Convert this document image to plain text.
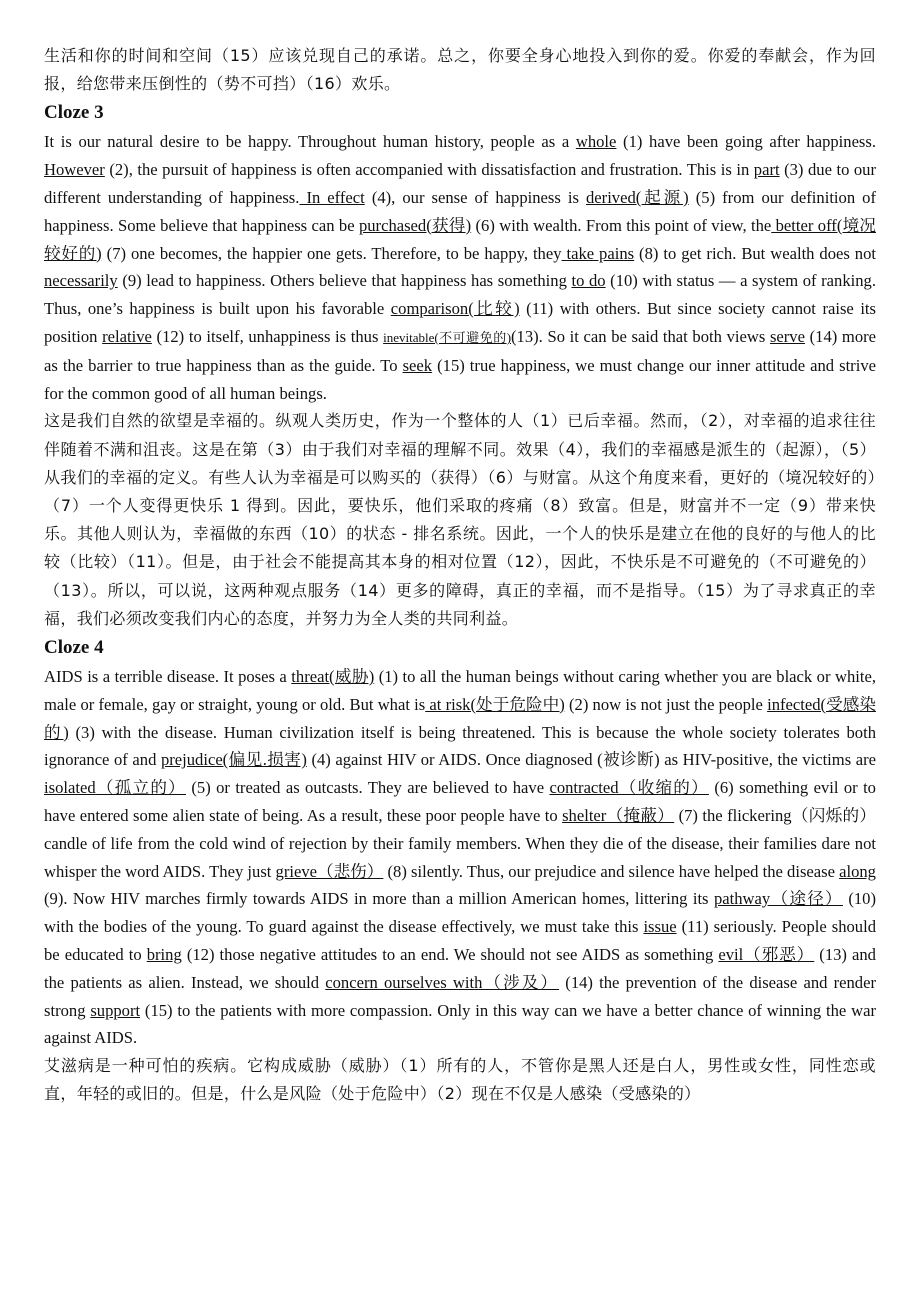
生活和你的时间和空间（15）应该兑现自己的承诺。总之，你要全身心地投入到你的爱。你爱的奉献会，作为回报，给您带来压倒性的（势不可挡）（16）欢乐。

Cloze 3

It is our natural desire to be happy. Throughout human history, people as a whole (1) have been going after happiness. However (2), the pursuit of happiness is often accompanied with dissatisfaction and frustration. This is in part (3) due to our different understanding of happiness. In effect (4), our sense of happiness is derived(起源) (5) from our definition of happiness. Some believe that happiness can be purchased(获得) (6) with wealth. From this point of view, the better off(境况较好的) (7) one becomes, the happier one gets. Therefore, to be happy, they take pains (8) to get rich. But wealth does not necessarily (9) lead to happiness. Others believe that happiness has something to do (10) with status — a system of ranking. Thus, one’s happiness is built upon his favorable comparison(比较) (11) with others. But since society cannot raise its position relative (12) to itself, unhappiness is thus inevitable(不可避免的)(13). So it can be said that both views serve (14) more as the barrier to true happiness than as the guide. To seek (15) true happiness, we must change our inner attitude and strive for the common good of all human beings.

这是我们自然的欲望是幸福的。纵观人类历史，作为一个整体的人（1）已后幸福。然而，（2），对幸福的追求往往伴随着不满和沮丧。这是在第（3）由于我们对幸福的理解不同。效果（4），我们的幸福感是派生的（起源），（5）从我们的幸福的定义。有些人认为幸福是可以购买的（获得）（6）与财富。从这个角度来看，更好的（境况较好的）（7）一个人变得更快乐 1 得到。因此，要快乐，他们采取的疼痛（8）致富。但是，财富并不一定（9）带来快乐。其他人则认为，幸福做的东西（10）的状态 - 排名系统。因此，一个人的快乐是建立在他的良好的与他人的比较（比较）（11）。但是，由于社会不能提高其本身的相对位置（12），因此，不快乐是不可避免的（不可避免的）（13）。所以，可以说，这两种观点服务（14）更多的障碍，真正的幸福，而不是指导。（15）为了寻求真正的幸福，我们必须改变我们内心的态度，并努力为全人类的共同利益。

Cloze 4

AIDS is a terrible disease. It poses a threat(威胁) (1) to all the human beings without caring whether you are black or white, male or female, gay or straight, young or old. But what is at risk(处于危险中) (2) now is not just the people infected(受感染的) (3) with the disease. Human civilization itself is being threatened. This is because the whole society tolerates both ignorance of and prejudice(偏见.损害) (4) against HIV or AIDS. Once diagnosed (被诊断) as HIV-positive, the victims are isolated（孤立的） (5) or treated as outcasts. They are believed to have contracted（收缩的） (6) something evil or to have entered some alien state of being. As a result, these poor people have to shelter（掩蔽） (7) the flickering（闪烁的）candle of life from the cold wind of rejection by their family members. When they die of the disease, their families dare not whisper the word AIDS. They just grieve（悲伤） (8) silently. Thus, our prejudice and silence have helped the disease along (9). Now HIV marches firmly towards AIDS in more than a million American homes, littering its pathway（途径） (10) with the bodies of the young. To guard against the disease effectively, we must take this issue (11) seriously. People should be educated to bring (12) those negative attitudes to an end. We should not see AIDS as something evil（邪恶） (13) and the patients as alien. Instead, we should concern ourselves with（涉及） (14) the prevention of the disease and render strong support (15) to the patients with more compassion. Only in this way can we have a better chance of winning the war against AIDS.

艾滋病是一种可怕的疾病。它构成威胁（威胁）（1）所有的人，不管你是黑人还是白人，男性或女性，同性恋或直，年轻的或旧的。但是，什么是风险（处于危险中）（2）现在不仅是人感染（受感染的）
